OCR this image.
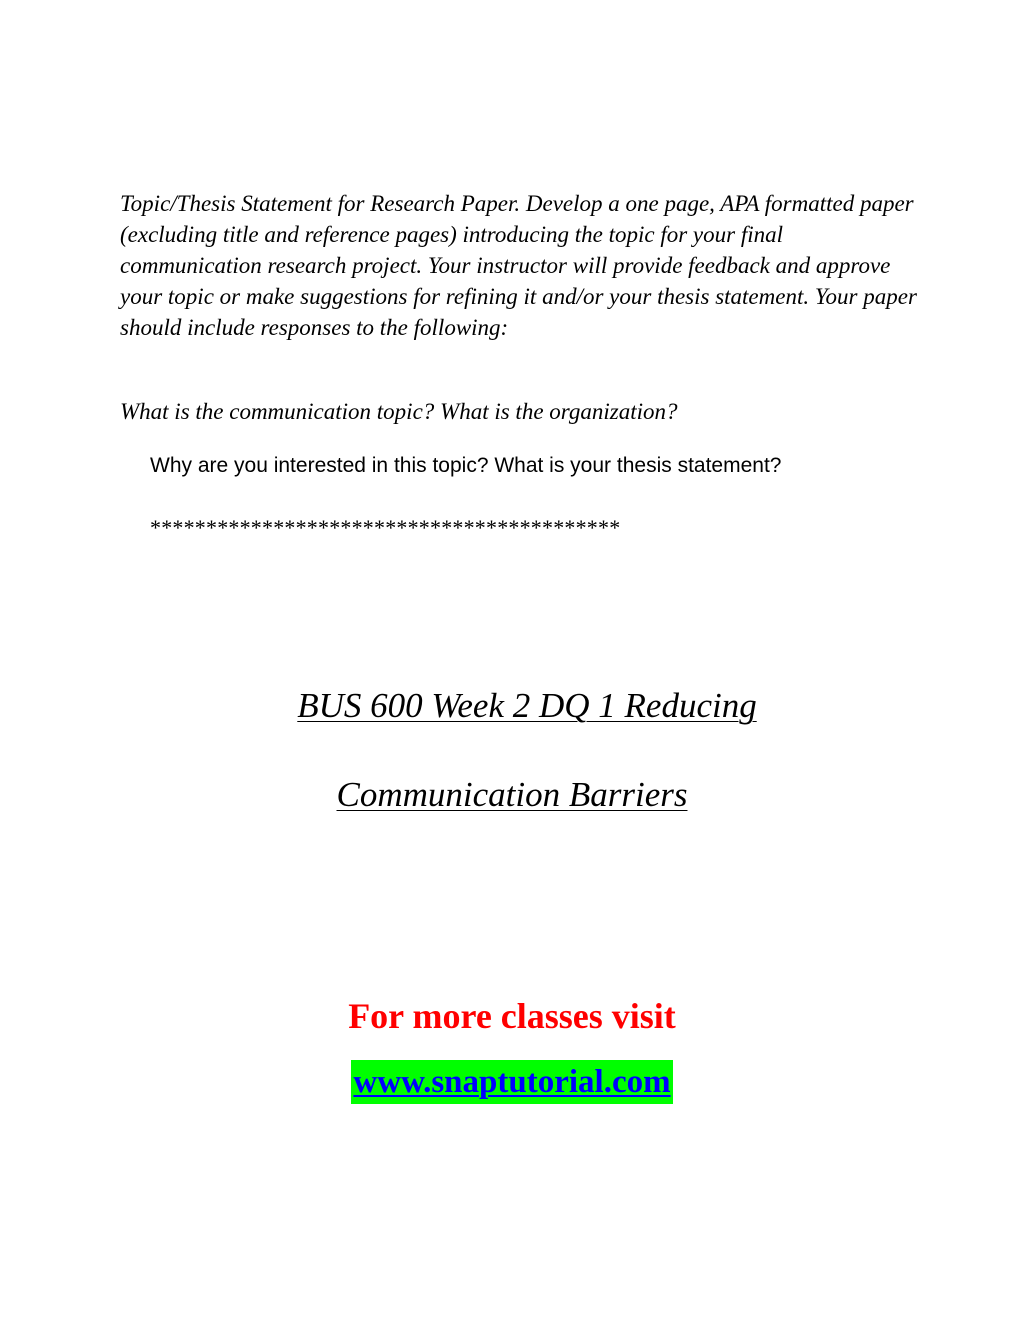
Topic/Thesis Statement for Research Paper. Develop a one page, APA formatted paper (excluding title and reference pages) introducing the topic for your final communication research project. Your instructor will provide feedback and approve your topic or make suggestions for refining it and/or your thesis statement. Your paper should include responses to the following:

What is the communication topic? What is the organization?

Why are you interested in this topic? What is your thesis statement?

******************************************

BUS 600 Week 2 DQ 1 Reducing

Communication Barriers

For more classes visit

www.snaptutorial.com
